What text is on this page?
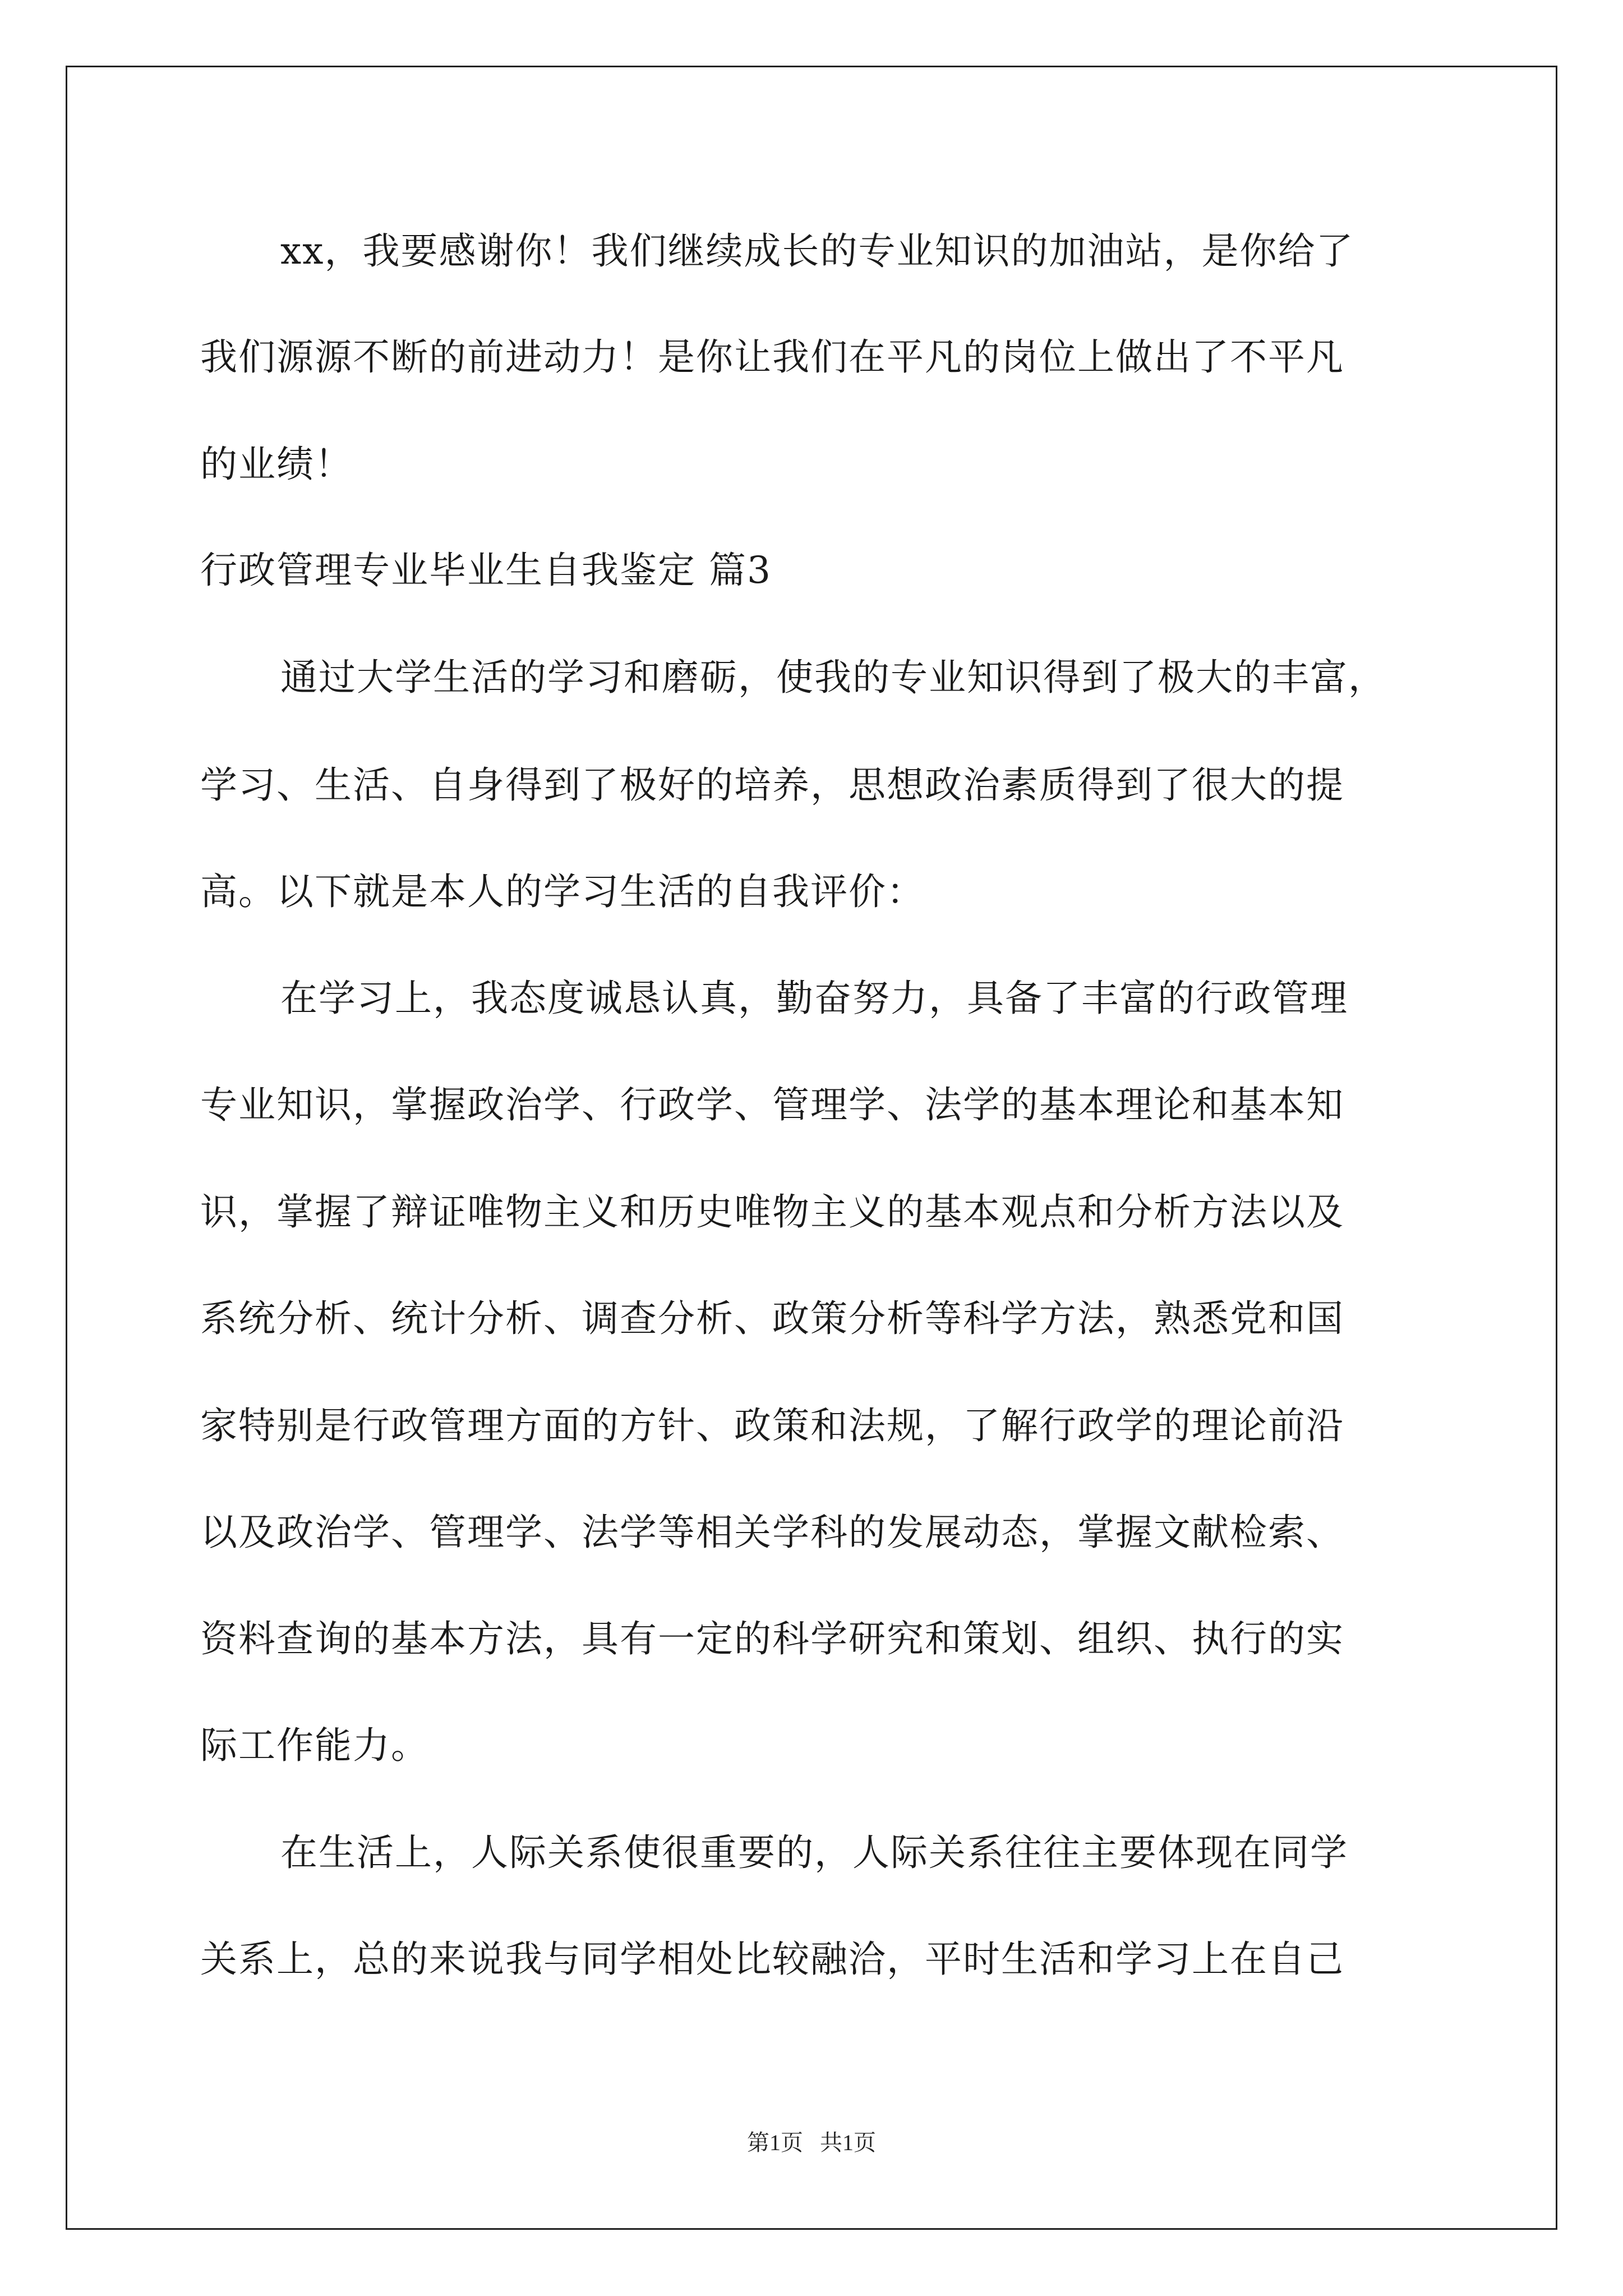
xx，我要感谢你！我们继续成长的专业知识的加油站，是你给了
我们源源不断的前进动力！是你让我们在平凡的岗位上做出了不平凡
的业绩！
行政管理专业毕业生自我鉴定 篇3
通过大学生活的学习和磨砺，使我的专业知识得到了极大的丰富，
学习、生活、自身得到了极好的培养，思想政治素质得到了很大的提
高。以下就是本人的学习生活的自我评价：
在学习上，我态度诚恳认真，勤奋努力，具备了丰富的行政管理
专业知识，掌握政治学、行政学、管理学、法学的基本理论和基本知
识，掌握了辩证唯物主义和历史唯物主义的基本观点和分析方法以及
系统分析、统计分析、调查分析、政策分析等科学方法，熟悉党和国
家特别是行政管理方面的方针、政策和法规，了解行政学的理论前沿
以及政治学、管理学、法学等相关学科的发展动态，掌握文献检索、
资料查询的基本方法，具有一定的科学研究和策划、组织、执行的实
际工作能力。
在生活上，人际关系使很重要的，人际关系往往主要体现在同学
关系上，总的来说我与同学相处比较融洽，平时生活和学习上在自己
第1页   共1页
